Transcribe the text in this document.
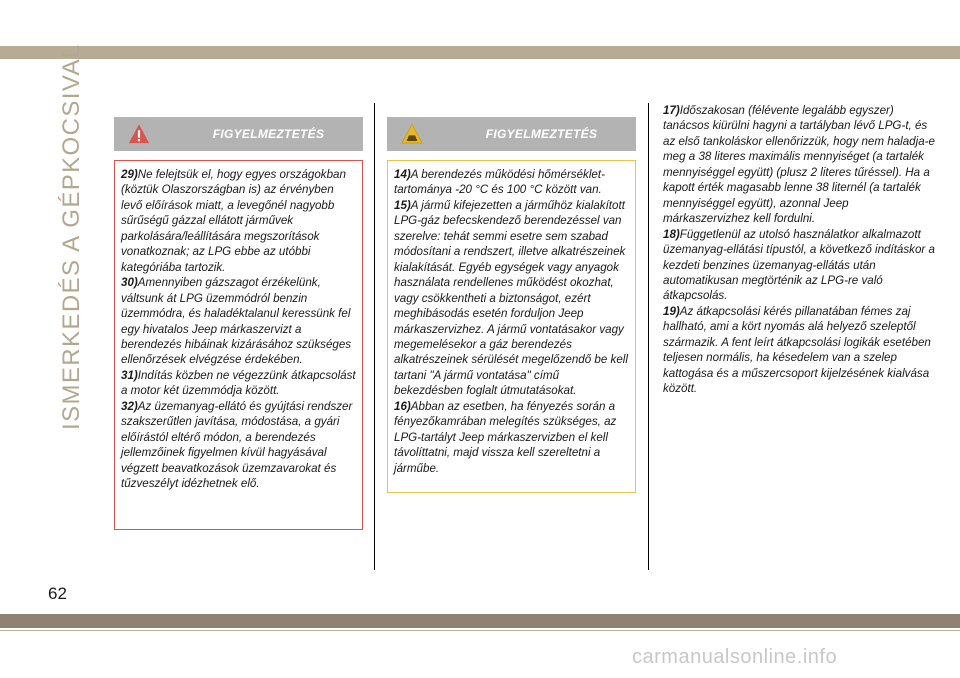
ISMERKEDÉS A GÉPKOCSIVAL	FIGYELMEZTETÉS

29)Ne felejtsük el, hogy egyes országokban (köztük Olaszországban is) az érvényben levő előírások miatt, a levegőnél nagyobb sűrűségű gázzal ellátott járművek parkolására/leállítására megszorítások vonatkoznak; az LPG ebbe az utóbbi kategóriába tartozik.

30)Amennyiben gázszagot érzékelünk, váltsunk át LPG üzemmódról benzin üzemmódra, és haladéktalanul keressünk fel egy hivatalos Jeep márkaszervizt a berendezés hibáinak kizárásához szükséges ellenőrzések elvégzése érdekében.

31)Indítás közben ne végezzünk átkapcsolást a motor két üzemmódja között.

32)Az üzemanyag-ellátó és gyújtási rendszer szakszerűtlen javítása, módostása, a gyári előírástól eltérő módon, a berendezés jellemzőinek figyelmen kívül hagyásával végzett beavatkozások üzemzavarokat és tűzveszélyt idézhetnek elő.

FIGYELMEZTETÉS

14)A berendezés működési hőmérséklet-tartománya -20 °C és 100 °C között van.

15)A jármű kifejezetten a járműhöz kialakított LPG-gáz befecskendező berendezéssel van szerelve: tehát semmi esetre sem szabad módosítani a rendszert, illetve alkatrészeinek kialakítását. Egyéb egységek vagy anyagok használata rendellenes működést okozhat, vagy csökkentheti a biztonságot, ezért meghibásodás esetén forduljon Jeep márkaszervizhez. A jármű vontatásakor vagy megemelésekor a gáz berendezés alkatrészeinek sérülését megelőzendő be kell tartani "A jármű vontatása" című bekezdésben foglalt útmutatásokat.

16)Abban az esetben, ha fényezés során a fényezőkamrában melegítés szükséges, az LPG-tartályt Jeep márkaszervizben el kell távolíttatni, majd vissza kell szereltetni a járműbe.

17)Időszakosan (félévente legalább egyszer) tanácsos kiürülni hagyni a tartályban lévő LPG-t, és az első tankoláskor ellenőrizzük, hogy nem haladja-e meg a 38 literes maximális mennyiséget (a tartalék mennyiséggel együtt) (plusz 2 literes tűréssel). Ha a kapott érték magasabb lenne 38 liternél (a tartalék mennyiséggel együtt), azonnal Jeep márkaszervizhez kell fordulni.

18)Függetlenül az utolsó használatkor alkalmazott üzemanyag-ellátási típustól, a következő indításkor a kezdeti benzines üzemanyag-ellátás után automatikusan megtörténik az LPG-re való átkapcsolás.

19)Az átkapcsolási kérés pillanatában fémes zaj hallható, ami a kört nyomás alá helyező szeleptől származik. A fent leírt átkapcsolási logikák esetében teljesen normális, ha késedelem van a szelep kattogása és a műszercsoport kijelzésének kialvása között.

62
carmanualsonline.info
